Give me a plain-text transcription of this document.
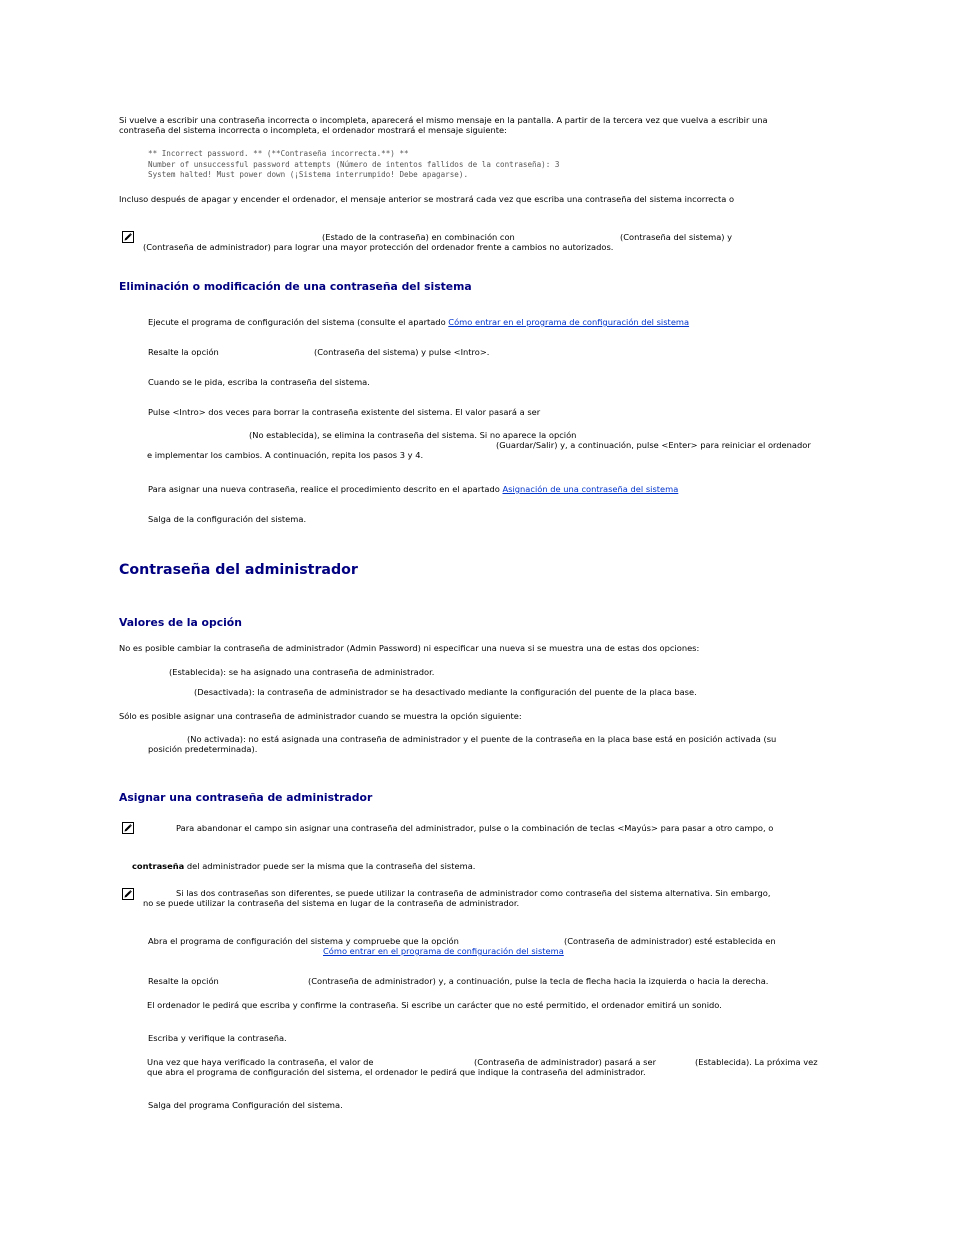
Si vuelve a escribir una contraseña incorrecta o incompleta, aparecerá el mismo mensaje en la pantalla. A partir de la tercera vez que vuelva a escribir una
contraseña del sistema incorrecta o incompleta, el ordenador mostrará el mensaje siguiente:
** Incorrect password. ** (**Contraseña incorrecta.**) **
Number of unsuccessful password attempts (Número de intentos fallidos de la contraseña): 3
System halted! Must power down (¡Sistema interrumpido! Debe apagarse).
Incluso después de apagar y encender el ordenador, el mensaje anterior se mostrará cada vez que escriba una contraseña del sistema incorrecta o
(Estado de la contraseña) en combinación con	(Contraseña del sistema) y
(Contraseña de administrador) para lograr una mayor protección del ordenador frente a cambios no autorizados.
Eliminación o modificación de una contraseña del sistema
Ejecute el programa de configuración del sistema (consulte el apartado Cómo entrar en el programa de configuración del sistema
Resalte la opción	(Contraseña del sistema) y pulse <Intro>.
Cuando se le pida, escriba la contraseña del sistema.
Pulse <Intro> dos veces para borrar la contraseña existente del sistema. El valor pasará a ser
(No establecida), se elimina la contraseña del sistema. Si no aparece la opción
(Guardar/Salir) y, a continuación, pulse <Enter> para reiniciar el ordenador
e implementar los cambios. A continuación, repita los pasos 3 y 4.
Para asignar una nueva contraseña, realice el procedimiento descrito en el apartado Asignación de una contraseña del sistema
Salga de la configuración del sistema.
Contraseña del administrador
Valores de la opción
No es posible cambiar la contraseña de administrador (Admin Password) ni especificar una nueva si se muestra una de estas dos opciones:
(Establecida): se ha asignado una contraseña de administrador.
(Desactivada): la contraseña de administrador se ha desactivado mediante la configuración del puente de la placa base.
Sólo es posible asignar una contraseña de administrador cuando se muestra la opción siguiente:
(No activada): no está asignada una contraseña de administrador y el puente de la contraseña en la placa base está en posición activada (su
posición predeterminada).
Asignar una contraseña de administrador
Para abandonar el campo sin asignar una contraseña del administrador, pulse o la combinación de teclas <Mayús> para pasar a otro campo, o
contraseña del administrador puede ser la misma que la contraseña del sistema.
Si las dos contraseñas son diferentes, se puede utilizar la contraseña de administrador como contraseña del sistema alternativa. Sin embargo,
no se puede utilizar la contraseña del sistema en lugar de la contraseña de administrador.
Abra el programa de configuración del sistema y compruebe que la opción	(Contraseña de administrador) esté establecida en
Cómo entrar en el programa de configuración del sistema
Resalte la opción	(Contraseña de administrador) y, a continuación, pulse la tecla de flecha hacia la izquierda o hacia la derecha.
El ordenador le pedirá que escriba y confirme la contraseña. Si escribe un carácter que no esté permitido, el ordenador emitirá un sonido.
Escriba y verifique la contraseña.
Una vez que haya verificado la contraseña, el valor de	(Contraseña de administrador) pasará a ser	(Establecida). La próxima vez
que abra el programa de configuración del sistema, el ordenador le pedirá que indique la contraseña del administrador.
Salga del programa Configuración del sistema.
